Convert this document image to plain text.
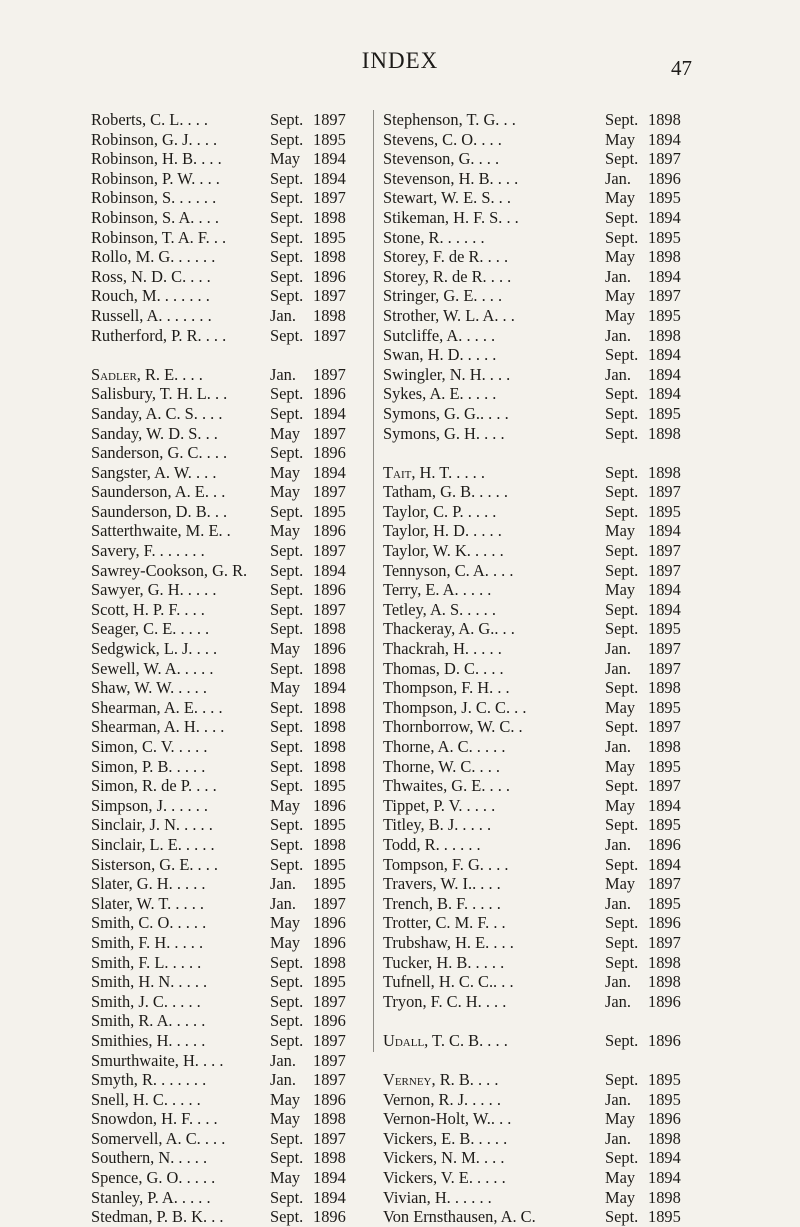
INDEX	47
Roberts, C. L. . . .	Sept. 1897
Robinson, G. J. . . .	Sept. 1895
Robinson, H. B. . . .	May 1894
Robinson, P. W. . . .	Sept. 1894
Robinson, S. . . . . .	Sept. 1897
Robinson, S. A. . . .	Sept. 1898
Robinson, T. A. F. . .	Sept. 1895
Rollo, M. G. . . . . .	Sept. 1898
Ross, N. D. C. . . .	Sept. 1896
Rouch, M. . . . . . .	Sept. 1897
Russell, A. . . . . . .	Jan. 1898
Rutherford, P. R. . . .	Sept. 1897
Sadler, R. E. . . .	Jan. 1897
Salisbury, T. H. L. . .	Sept. 1896
Sanday, A. C. S. . . .	Sept. 1894
Sanday, W. D. S. . .	May 1897
Sanderson, G. C. . . .	Sept. 1896
Sangster, A. W. . . .	May 1894
Saunderson, A. E. . .	May 1897
Saunderson, D. B. . .	Sept. 1895
Satterthwaite, M. E. . May 1896
Savery, F. . . . . . .	Sept. 1897
Sawrey-Cookson, G. R. Sept. 1894
Sawyer, G. H. . . . .	Sept. 1896
Scott, H. P. F. . . .	Sept. 1897
Seager, C. E. . . . .	Sept. 1898
Sedgwick, L. J. . . .	May 1896
Sewell, W. A. . . . .	Sept. 1898
Shaw, W. W. . . . .	May 1894
Shearman, A. E. . . .	Sept. 1898
Shearman, A. H. . . .	Sept. 1898
Simon, C. V. . . . .	Sept. 1898
Simon, P. B. . . . .	Sept. 1898
Simon, R. de P. . . .	Sept. 1895
Simpson, J. . . . . .	May 1896
Sinclair, J. N. . . . .	Sept. 1895
Sinclair, L. E. . . . .	Sept. 1898
Sisterson, G. E. . . .	Sept. 1895
Slater, G. H. . . . .	Jan. 1895
Slater, W. T. . . . .	Jan. 1897
Smith, C. O. . . . .	May 1896
Smith, F. H. . . . .	May 1896
Smith, F. L. . . . .	Sept. 1898
Smith, H. N. . . . .	Sept. 1895
Smith, J. C. . . . .	Sept. 1897
Smith, R. A. . . . .	Sept. 1896
Smithies, H. . . . .	Sept. 1897
Smurthwaite, H. . . .	Jan. 1897
Smyth, R. . . . . . .	Jan. 1897
Snell, H. C. . . . .	May 1896
Snowdon, H. F. . . .	May 1898
Somervell, A. C. . . .	Sept. 1897
Southern, N. . . . .	Sept. 1898
Spence, G. O. . . . .	May 1894
Stanley, P. A. . . . .	Sept. 1894
Stedman, P. B. K. . .	Sept. 1896
Stephenson, T. G. . .	Sept. 1898
Stevens, C. O. . . .	May 1894
Stevenson, G. . . .	Sept. 1897
Stevenson, H. B. . . .	Jan. 1896
Stewart, W. E. S. . .	May 1895
Stikeman, H. F. S. . .	Sept. 1894
Stone, R. . . . . .	Sept. 1895
Storey, F. de R. . . .	May 1898
Storey, R. de R. . . .	Jan. 1894
Stringer, G. E. . . .	May 1897
Strother, W. L. A. . .	May 1895
Sutcliffe, A. . . . .	Jan. 1898
Swan, H. D. . . . .	Sept. 1894
Swingler, N. H. . . .	Jan. 1894
Sykes, A. E. . . . .	Sept. 1894
Symons, G. G.. . . .	Sept. 1895
Symons, G. H. . . .	Sept. 1898
Tait, H. T. . . . .	Sept. 1898
Tatham, G. B. . . . .	Sept. 1897
Taylor, C. P. . . . .	Sept. 1895
Taylor, H. D. . . . .	May 1894
Taylor, W. K. . . . .	Sept. 1897
Tennyson, C. A. . . .	Sept. 1897
Terry, E. A. . . . .	May 1894
Tetley, A. S. . . . .	Sept. 1894
Thackeray, A. G.. . .	Sept. 1895
Thackrah, H. . . . .	Jan. 1897
Thomas, D. C. . . .	Jan. 1897
Thompson, F. H. . .	Sept. 1898
Thompson, J. C. C. . .	May 1895
Thornborrow, W. C. .	Sept. 1897
Thorne, A. C. . . . .	Jan. 1898
Thorne, W. C. . . .	May 1895
Thwaites, G. E. . . .	Sept. 1897
Tippet, P. V. . . . .	May 1894
Titley, B. J. . . . .	Sept. 1895
Todd, R. . . . . .	Jan. 1896
Tompson, F. G. . . .	Sept. 1894
Travers, W. I.. . . .	May 1897
Trench, B. F. . . . .	Jan. 1895
Trotter, C. M. F. . .	Sept. 1896
Trubshaw, H. E. . . .	Sept. 1897
Tucker, H. B. . . . .	Sept. 1898
Tufnell, H. C. C.. . .	Jan. 1898
Tryon, F. C. H. . . .	Jan. 1896
Udall, T. C. B. . . .	Sept. 1896
Verney, R. B. . . .	Sept. 1895
Vernon, R. J. . . . .	Jan. 1895
Vernon-Holt, W.. . .	May 1896
Vickers, E. B. . . . .	Jan. 1898
Vickers, N. M. . . .	Sept. 1894
Vickers, V. E. . . . .	May 1894
Vivian, H. . . . . .	May 1898
Von Ernsthausen, A. C.	Sept. 1895
